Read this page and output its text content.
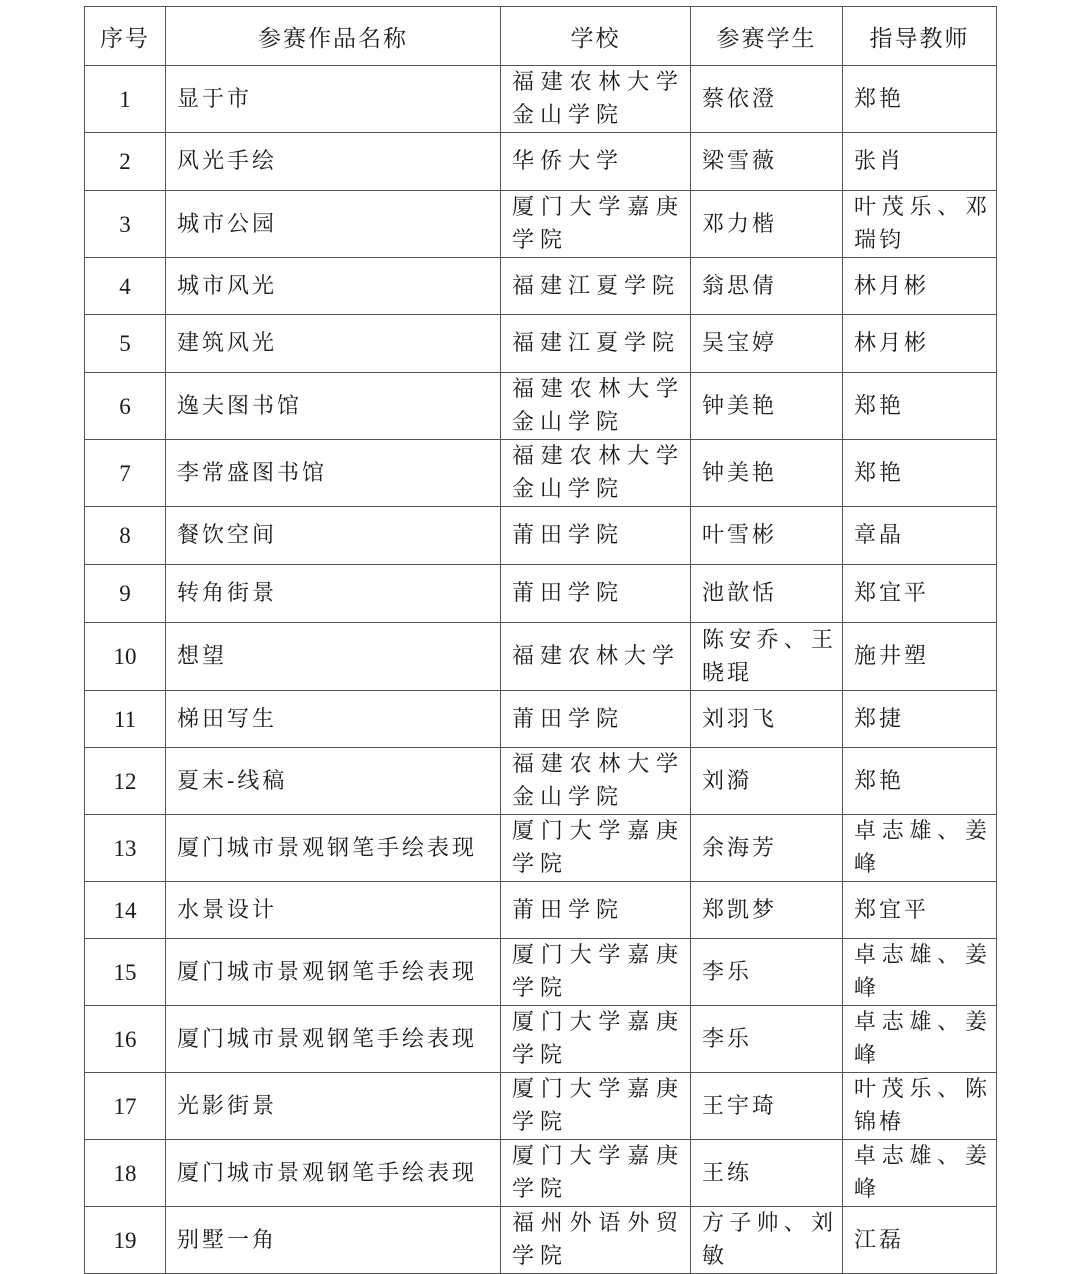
序号	参赛作品名称	学校	参赛学生	指导教师
1	显于市	福建农林大学金山学院	蔡依澄	郑艳
2	风光手绘	华侨大学	梁雪薇	张肖
3	城市公园	厦门大学嘉庚学院	邓力楷	叶茂乐、邓瑞钧
4	城市风光	福建江夏学院	翁思倩	林月彬
5	建筑风光	福建江夏学院	吴宝婷	林月彬
6	逸夫图书馆	福建农林大学金山学院	钟美艳	郑艳
7	李常盛图书馆	福建农林大学金山学院	钟美艳	郑艳
8	餐饮空间	莆田学院	叶雪彬	章晶
9	转角街景	莆田学院	池歆恬	郑宜平
10	想望	福建农林大学	陈安乔、王晓琨	施井塑
11	梯田写生	莆田学院	刘羽飞	郑捷
12	夏末-线稿	福建农林大学金山学院	刘漪	郑艳
13	厦门城市景观钢笔手绘表现	厦门大学嘉庚学院	余海芳	卓志雄、姜峰
14	水景设计	莆田学院	郑凯梦	郑宜平
15	厦门城市景观钢笔手绘表现	厦门大学嘉庚学院	李乐	卓志雄、姜峰
16	厦门城市景观钢笔手绘表现	厦门大学嘉庚学院	李乐	卓志雄、姜峰
17	光影街景	厦门大学嘉庚学院	王宇琦	叶茂乐、陈锦椿
18	厦门城市景观钢笔手绘表现	厦门大学嘉庚学院	王练	卓志雄、姜峰
19	别墅一角	福州外语外贸学院	方子帅、刘敏	江磊
